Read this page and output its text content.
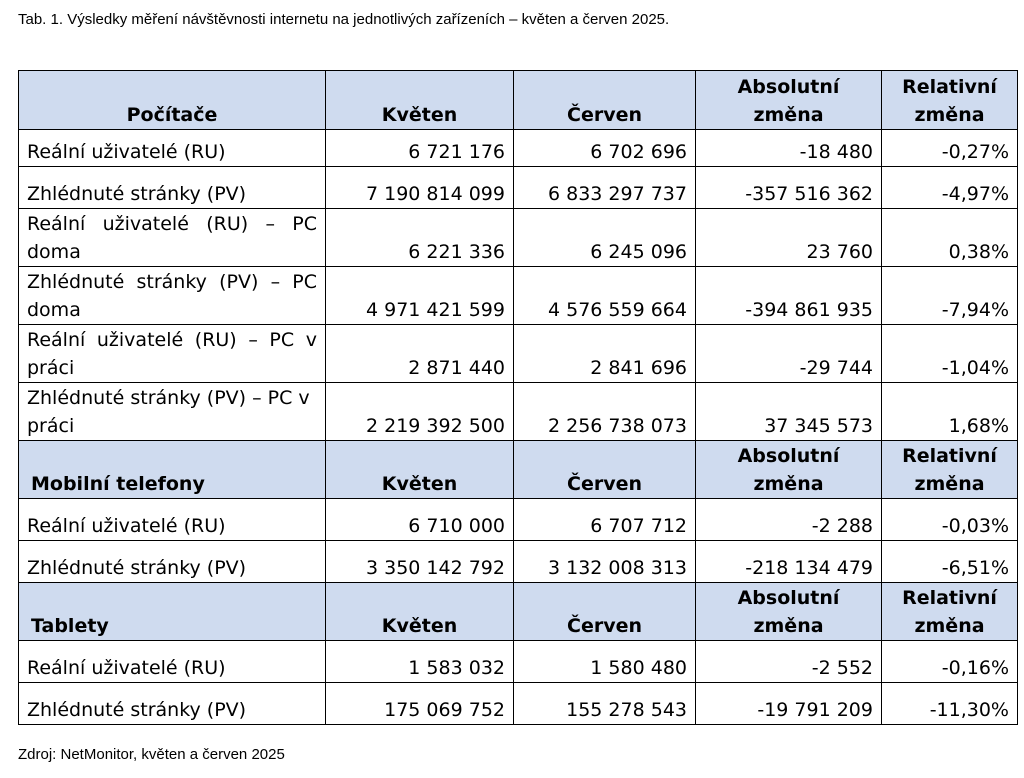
Tab. 1. Výsledky měření návštěvnosti internetu na jednotlivých zařízeních – květen a červen 2025.
Počítače	Květen	Červen	Absolutní změna	Relativní změna
Reální uživatelé (RU)	6 721 176	6 702 696	-18 480	-0,27%
Zhlédnuté stránky (PV)	7 190 814 099	6 833 297 737	-357 516 362	-4,97%
Reální uživatelé (RU) – PC doma	6 221 336	6 245 096	23 760	0,38%
Zhlédnuté stránky (PV) – PC doma	4 971 421 599	4 576 559 664	-394 861 935	-7,94%
Reální uživatelé (RU) – PC v práci	2 871 440	2 841 696	-29 744	-1,04%
Zhlédnuté stránky (PV) – PC v práci	2 219 392 500	2 256 738 073	37 345 573	1,68%
Mobilní telefony	Květen	Červen	Absolutní změna	Relativní změna
Reální uživatelé (RU)	6 710 000	6 707 712	-2 288	-0,03%
Zhlédnuté stránky (PV)	3 350 142 792	3 132 008 313	-218 134 479	-6,51%
Tablety	Květen	Červen	Absolutní změna	Relativní změna
Reální uživatelé (RU)	1 583 032	1 580 480	-2 552	-0,16%
Zhlédnuté stránky (PV)	175 069 752	155 278 543	-19 791 209	-11,30%
Zdroj: NetMonitor, květen a červen 2025
